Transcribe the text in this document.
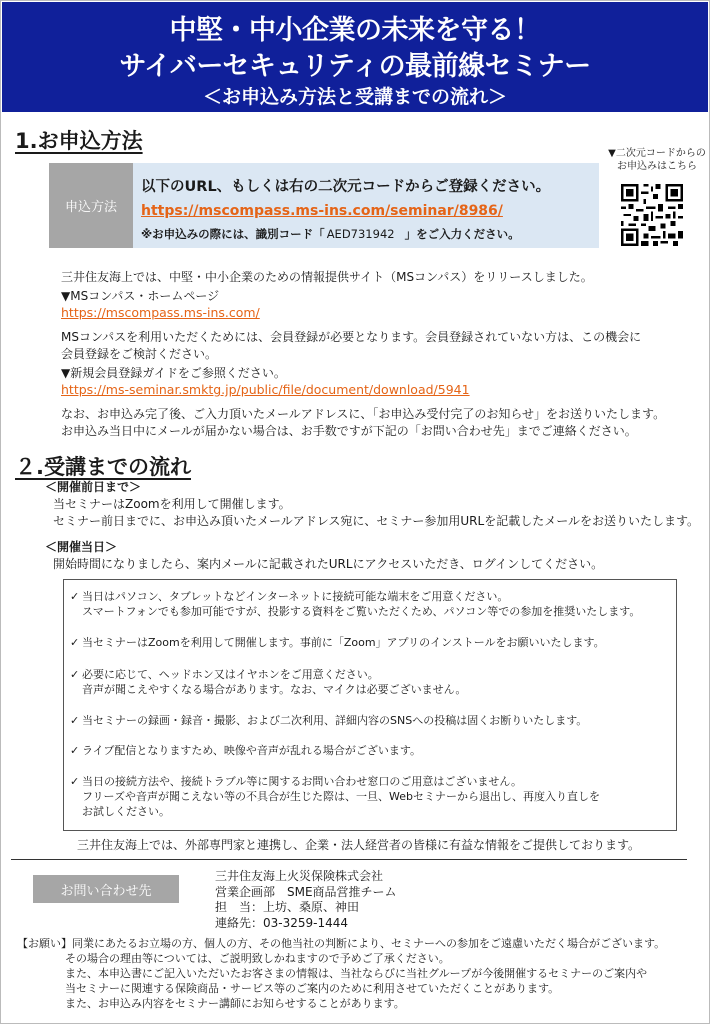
中堅・中小企業の未来を守る！
サイバーセキュリティの最前線セミナー
＜お申込み方法と受講までの流れ＞
1.お申込方法
申込方法
以下のURL、もしくは右の二次元コードからご登録ください。
https://mscompass.ms-ins.com/seminar/8986/
※お申込みの際には、識別コード「 AED731942 」をご入力ください。
▼二次元コードからの
お申込みはこちら
三井住友海上では、中堅・中小企業のための情報提供サイト（MSコンパス）をリリースしました。
▼MSコンパス・ホームページ
https://mscompass.ms-ins.com/
MSコンパスを利用いただくためには、会員登録が必要となります。会員登録されていない方は、この機会に
会員登録をご検討ください。
▼新規会員登録ガイドをご参照ください。
https://ms-seminar.smktg.jp/public/file/document/download/5941
なお、お申込み完了後、ご入力頂いたメールアドレスに、「お申込み受付完了のお知らせ」をお送りいたします。
お申込み当日中にメールが届かない場合は、お手数ですが下記の「お問い合わせ先」までご連絡ください。
２.受講までの流れ
＜開催前日まで＞
当セミナーはZoomを利用して開催します。
セミナー前日までに、お申込み頂いたメールアドレス宛に、セミナー参加用URLを記載したメールをお送りいたします。
＜開催当日＞
開始時間になりましたら、案内メールに記載されたURLにアクセスいただき、ログインしてください。
✓ 当日はパソコン、タブレットなどインターネットに接続可能な端末をご用意ください。
スマートフォンでも参加可能ですが、投影する資料をご覧いただくため、パソコン等での参加を推奨いたします。
✓ 当セミナーはZoomを利用して開催します。事前に「Zoom」アプリのインストールをお願いいたします。
✓ 必要に応じて、ヘッドホン又はイヤホンをご用意ください。
音声が聞こえやすくなる場合があります。なお、マイクは必要ございません。
✓ 当セミナーの録画・録音・撮影、および二次利用、詳細内容のSNSへの投稿は固くお断りいたします。
✓ ライブ配信となりますため、映像や音声が乱れる場合がございます。
✓ 当日の接続方法や、接続トラブル等に関するお問い合わせ窓口のご用意はございません。
フリーズや音声が聞こえない等の不具合が生じた際は、一旦、Webセミナーから退出し、再度入り直しを
お試しください。
三井住友海上では、外部専門家と連携し、企業・法人経営者の皆様に有益な情報をご提供しております。
お問い合わせ先
三井住友海上火災保険株式会社
営業企画部　SME商品営推チーム
担　当：上坊、桑原、神田
連絡先：03-3259-1444
【お願い】同業にあたるお立場の方、個人の方、その他当社の判断により、セミナーへの参加をご遠慮いただく場合がございます。
その場合の理由等については、ご説明致しかねますので予めご了承ください。
また、本申込書にご記入いただいたお客さまの情報は、当社ならびに当社グループが今後開催するセミナーのご案内や
当セミナーに関連する保険商品・サービス等のご案内のために利用させていただくことがあります。
また、お申込み内容をセミナー講師にお知らせすることがあります。
